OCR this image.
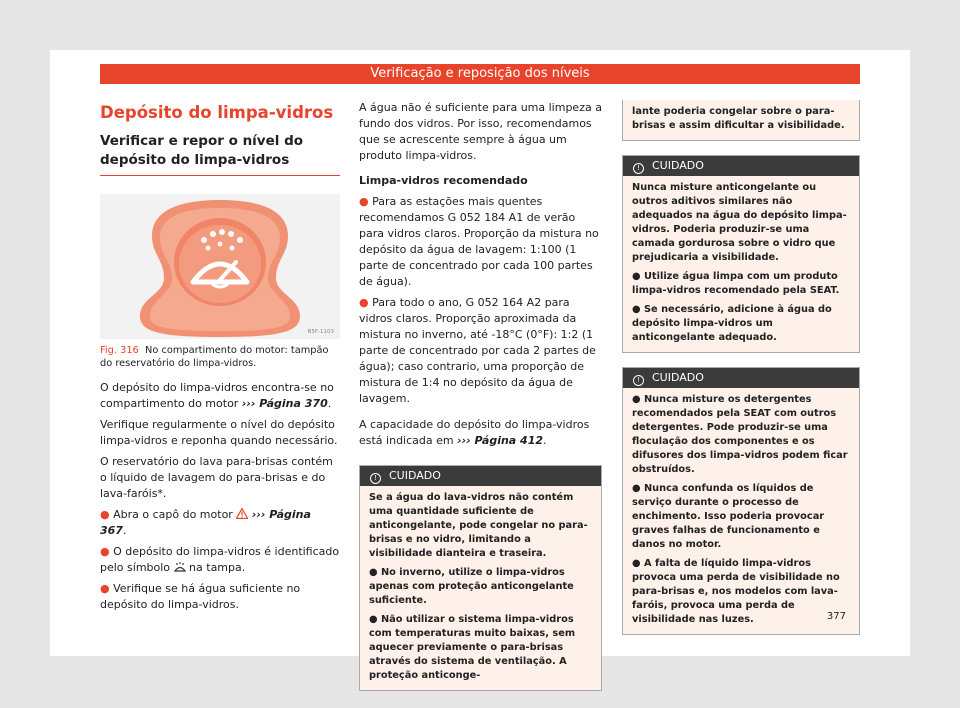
Verificação e reposição dos níveis
Depósito do limpa-vidros
Verificar e repor o nível do depósito do limpa-vidros
B5F-1103
Fig. 316 No compartimento do motor: tampão do reservatório do limpa-vidros.

O depósito do limpa-vidros encontra-se no compartimento do motor ››› Página 370.

Verifique regularmente o nível do depósito limpa-vidros e reponha quando necessário.

O reservatório do lava para-brisas contém o líquido de lavagem do para-brisas e do lava-faróis*.

● Abra o capô do motor ››› Página 367.

● O depósito do limpa-vidros é identificado pelo símbolo na tampa.

● Verifique se há água suficiente no depósito do limpa-vidros.

A água não é suficiente para uma limpeza a fundo dos vidros. Por isso, recomendamos que se acrescente sempre à água um produto limpa-vidros.

Limpa-vidros recomendado

● Para as estações mais quentes recomendamos G 052 184 A1 de verão para vidros claros. Proporção da mistura no depósito da água de lavagem: 1:100 (1 parte de concentrado por cada 100 partes de água).

● Para todo o ano, G 052 164 A2 para vidros claros. Proporção aproximada da mistura no inverno, até -18°C (0°F): 1:2 (1 parte de concentrado por cada 2 partes de água); caso contrario, uma proporção de mistura de 1:4 no depósito da água de lavagem.

A capacidade do depósito do limpa-vidros está indicada em ››› Página 412.

! CUIDADO

Se a água do lava-vidros não contém uma quantidade suficiente de anticongelante, pode congelar no para-brisas e no vidro, limitando a visibilidade dianteira e traseira.

● No inverno, utilize o limpa-vidros apenas com proteção anticongelante suficiente.

● Não utilizar o sistema limpa-vidros com temperaturas muito baixas, sem aquecer previamente o para-brisas através do sistema de ventilação. A proteção anticonge-

lante poderia congelar sobre o para-brisas e assim dificultar a visibilidade.

! CUIDADO

Nunca misture anticongelante ou outros aditivos similares não adequados na água do depósito limpa-vidros. Poderia produzir-se uma camada gordurosa sobre o vidro que prejudicaria a visibilidade.

● Utilize água limpa com um produto limpa-vidros recomendado pela SEAT.

● Se necessário, adicione à água do depósito limpa-vidros um anticongelante adequado.

! CUIDADO

● Nunca misture os detergentes recomendados pela SEAT com outros detergentes. Pode produzir-se uma floculação dos componentes e os difusores dos limpa-vidros podem ficar obstruídos.

● Nunca confunda os líquidos de serviço durante o processo de enchimento. Isso poderia provocar graves falhas de funcionamento e danos no motor.

● A falta de líquido limpa-vidros provoca uma perda de visibilidade no para-brisas e, nos modelos com lava-faróis, provoca uma perda de visibilidade nas luzes.	377
